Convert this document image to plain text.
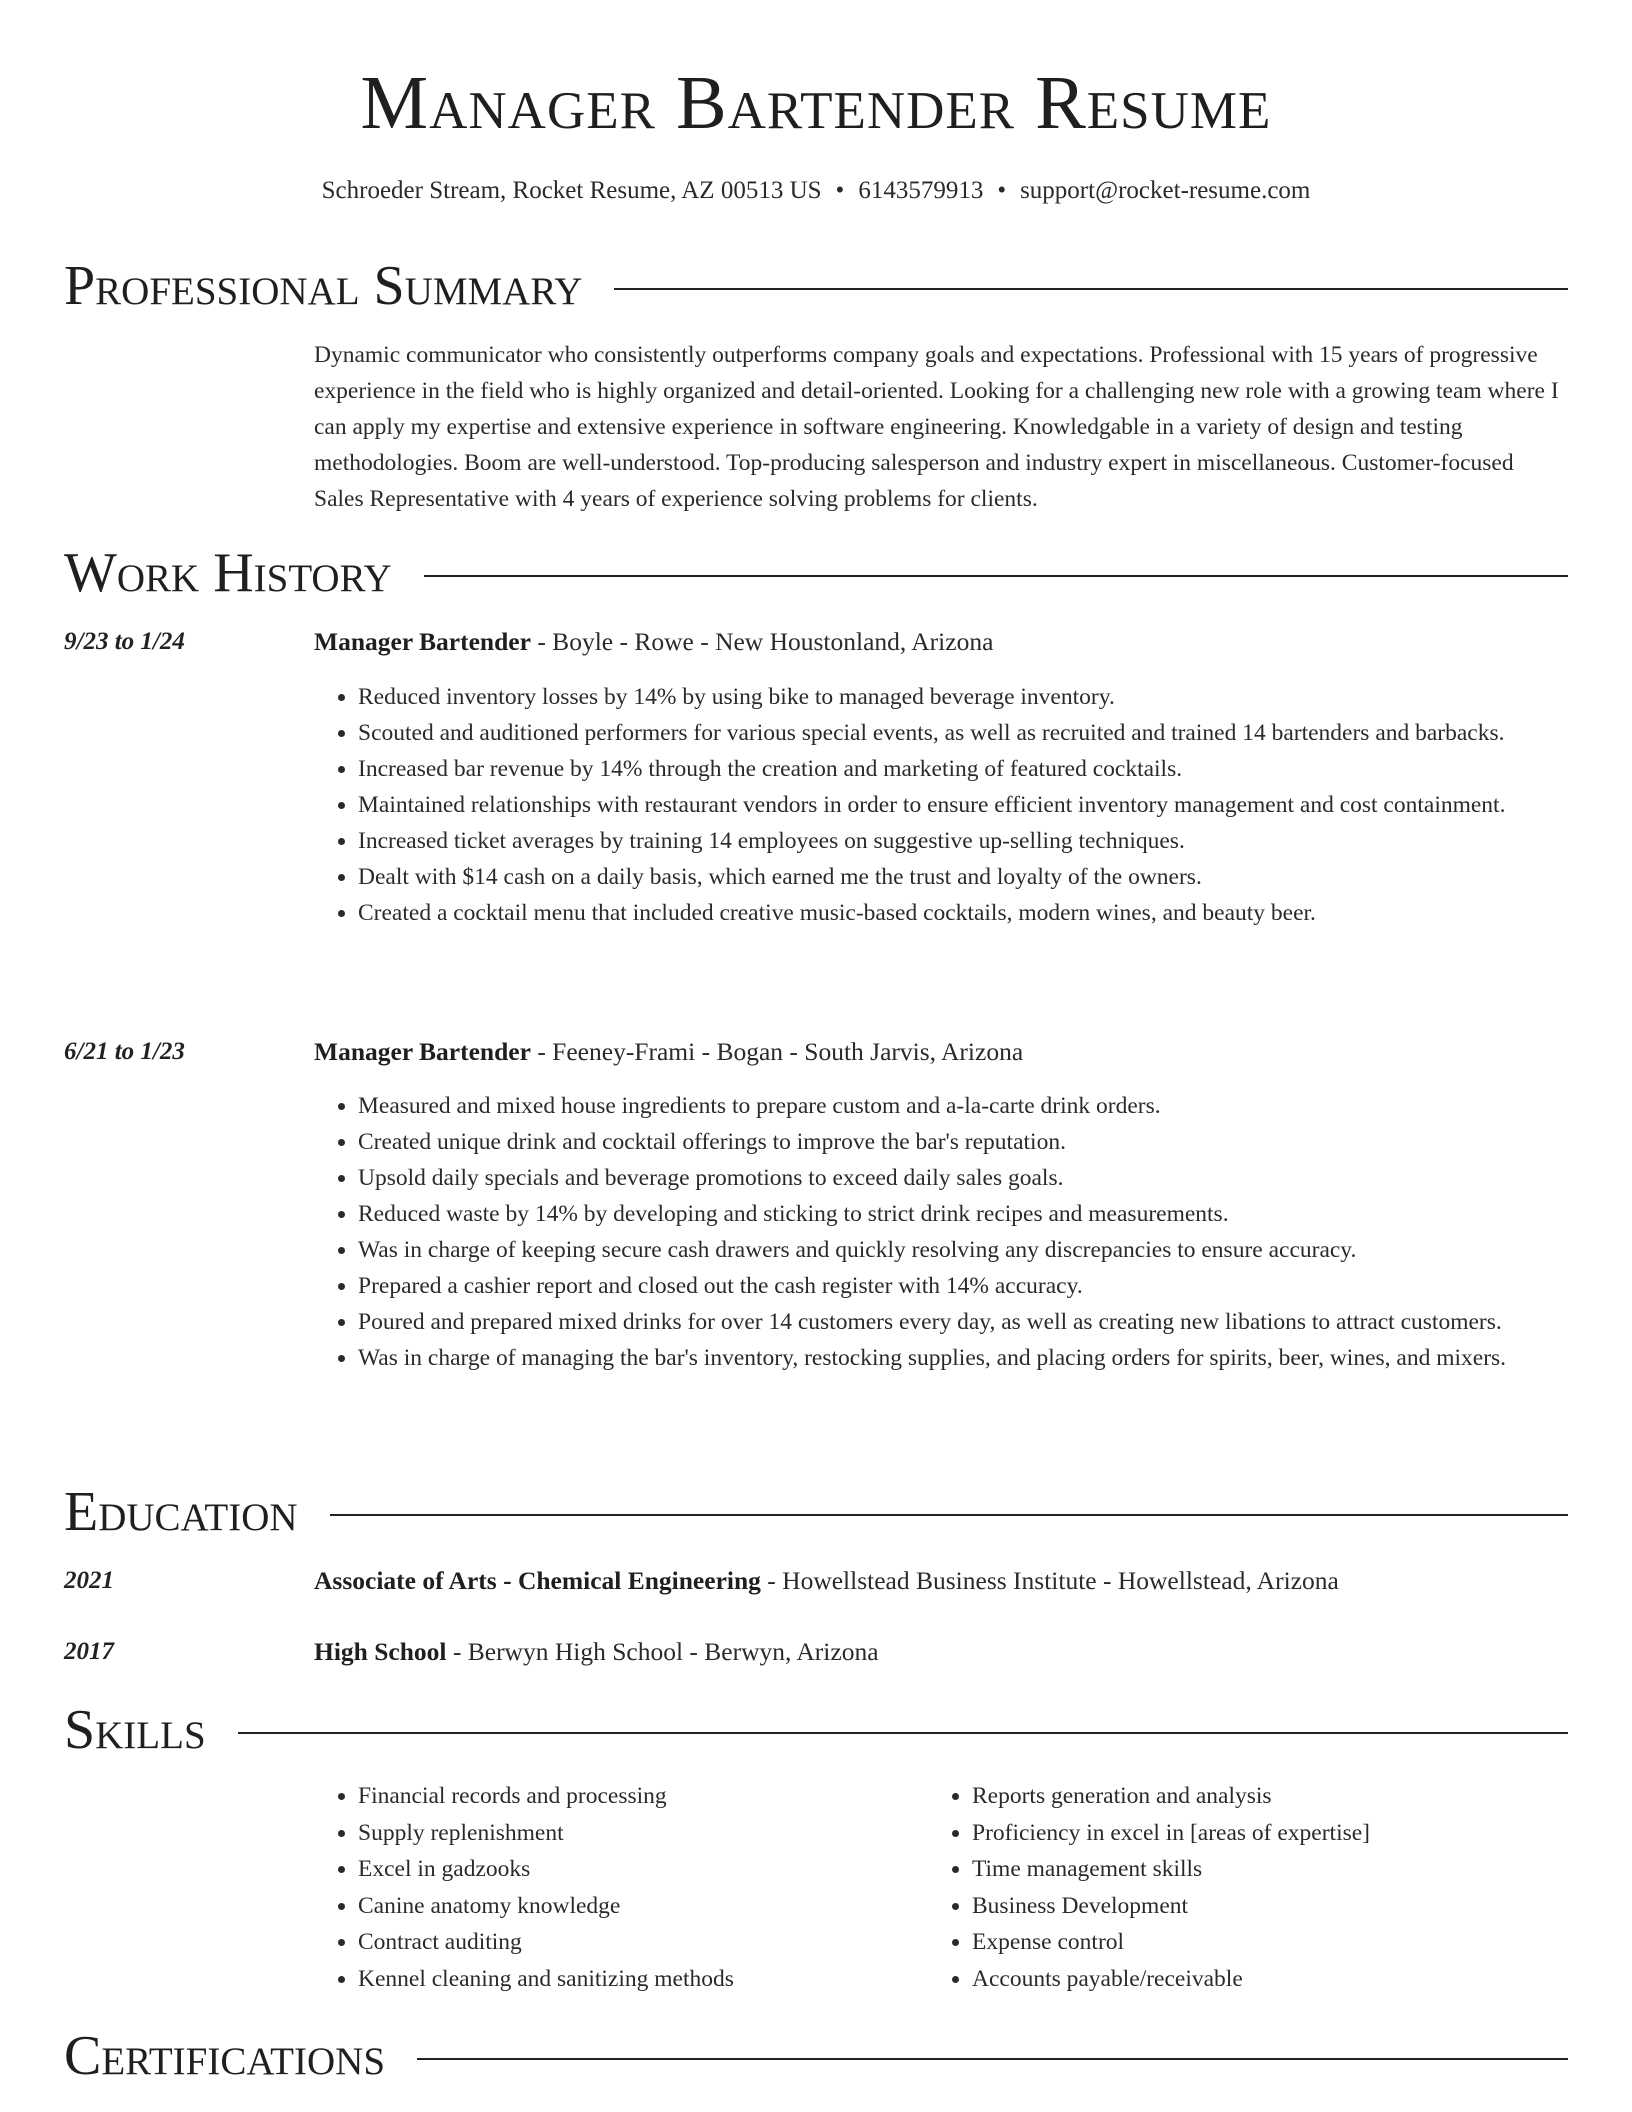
Manager Bartender Resume
Schroeder Stream, Rocket Resume, AZ 00513 US • 6143579913 • support@rocket-resume.com
Professional Summary

Dynamic communicator who consistently outperforms company goals and expectations. Professional with 15 years of progressive experience in the field who is highly organized and detail-oriented. Looking for a challenging new role with a growing team where I can apply my expertise and extensive experience in software engineering. Knowledgable in a variety of design and testing methodologies. Boom are well-understood. Top-producing salesperson and industry expert in miscellaneous. Customer-focused Sales Representative with 4 years of experience solving problems for clients.

Work History
9/23 to 1/24	Manager Bartender - Boyle - Rowe - New Houstonland, Arizona
• Reduced inventory losses by 14% by using bike to managed beverage inventory.
• Scouted and auditioned performers for various special events, as well as recruited and trained 14 bartenders and barbacks.
• Increased bar revenue by 14% through the creation and marketing of featured cocktails.
• Maintained relationships with restaurant vendors in order to ensure efficient inventory management and cost containment.
• Increased ticket averages by training 14 employees on suggestive up-selling techniques.
• Dealt with $14 cash on a daily basis, which earned me the trust and loyalty of the owners.
• Created a cocktail menu that included creative music-based cocktails, modern wines, and beauty beer.
6/21 to 1/23	Manager Bartender - Feeney-Frami - Bogan - South Jarvis, Arizona
• Measured and mixed house ingredients to prepare custom and a-la-carte drink orders.
• Created unique drink and cocktail offerings to improve the bar's reputation.
• Upsold daily specials and beverage promotions to exceed daily sales goals.
• Reduced waste by 14% by developing and sticking to strict drink recipes and measurements.
• Was in charge of keeping secure cash drawers and quickly resolving any discrepancies to ensure accuracy.
• Prepared a cashier report and closed out the cash register with 14% accuracy.
• Poured and prepared mixed drinks for over 14 customers every day, as well as creating new libations to attract customers.
• Was in charge of managing the bar's inventory, restocking supplies, and placing orders for spirits, beer, wines, and mixers.
Education
2021	Associate of Arts - Chemical Engineering - Howellstead Business Institute - Howellstead, Arizona
2017	High School - Berwyn High School - Berwyn, Arizona
Skills
• Financial records and processing
• Supply replenishment
• Excel in gadzooks
• Canine anatomy knowledge
• Contract auditing
• Kennel cleaning and sanitizing methods
• Reports generation and analysis
• Proficiency in excel in [areas of expertise]
• Time management skills
• Business Development
• Expense control
• Accounts payable/receivable
Certifications
